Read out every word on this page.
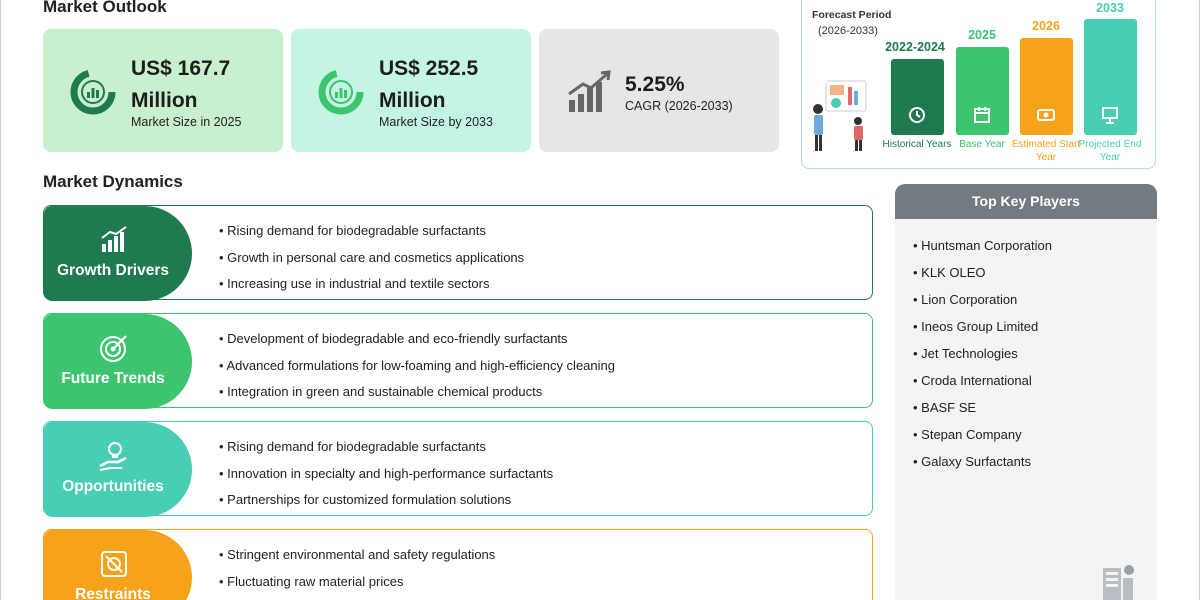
Market Outlook
US$ 167.7 Million
Market Size in 2025
US$ 252.5 Million
Market Size by 2033
5.25%
CAGR (2026-2033)
Forecast Period
(2026-2033)
2022-2024
Historical Years
2025
Base Year
2026
Estimated Start Year
2033
Projected End Year
Market Dynamics
Growth Drivers
• Rising demand for biodegradable surfactants
• Growth in personal care and cosmetics applications
• Increasing use in industrial and textile sectors
Future Trends
• Development of biodegradable and eco-friendly surfactants
• Advanced formulations for low-foaming and high-efficiency cleaning
• Integration in green and sustainable chemical products
Opportunities
• Rising demand for biodegradable surfactants
• Innovation in specialty and high-performance surfactants
• Partnerships for customized formulation solutions
Restraints
• Stringent environmental and safety regulations
• Fluctuating raw material prices
Top Key Players
• Huntsman Corporation
• KLK OLEO
• Lion Corporation
• Ineos Group Limited
• Jet Technologies
• Croda International
• BASF SE
• Stepan Company
• Galaxy Surfactants
